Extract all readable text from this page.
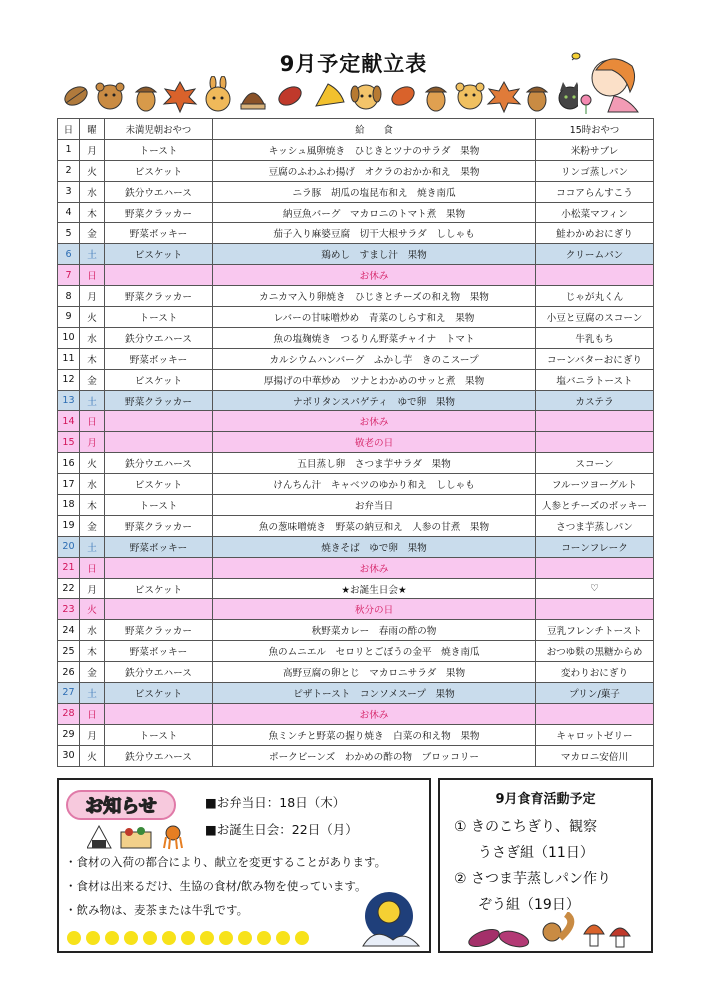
9月予定献立表
日	曜	未満児朝おやつ	給　　食	15時おやつ
1	月	トースト	キッシュ風卵焼き　ひじきとツナのサラダ　果物	米粉サブレ
2	火	ビスケット	豆腐のふわふわ揚げ　オクラのおかか和え　果物	リンゴ蒸しパン
3	水	鉄分ウエハース	ニラ豚　胡瓜の塩昆布和え　焼き南瓜	ココアらんすこう
4	木	野菜クラッカー	納豆魚バーグ　マカロニのトマト煮　果物	小松菜マフィン
5	金	野菜ボッキー	茄子入り麻婆豆腐　切干大根サラダ　ししゃも	鮭わかめおにぎり
6	土	ビスケット	鶏めし　すまし汁　果物	クリームパン
7	日		お休み	
8	月	野菜クラッカー	カニカマ入り卵焼き　ひじきとチーズの和え物　果物	じゃが丸くん
9	火	トースト	レバーの甘味噌炒め　青菜のしらす和え　果物	小豆と豆腐のスコーン
10	水	鉄分ウエハース	魚の塩麹焼き　つるりん野菜チャイナ　トマト	牛乳もち
11	木	野菜ボッキー	カルシウムハンバーグ　ふかし芋　きのこスープ	コーンバターおにぎり
12	金	ビスケット	厚揚げの中華炒め　ツナとわかめのサッと煮　果物	塩バニラトースト
13	土	野菜クラッカー	ナポリタンスパゲティ　ゆで卵　果物	カステラ
14	日		お休み	
15	月		敬老の日	
16	火	鉄分ウエハース	五目蒸し卵　さつま芋サラダ　果物	スコーン
17	水	ビスケット	けんちん汁　キャベツのゆかり和え　ししゃも	フルーツヨーグルト
18	木	トースト	お弁当日	人参とチーズのボッキー
19	金	野菜クラッカー	魚の葱味噌焼き　野菜の納豆和え　人参の甘煮　果物	さつま芋蒸しパン
20	土	野菜ボッキー	焼きそば　ゆで卵　果物	コーンフレーク
21	日		お休み	
22	月	ビスケット	★お誕生日会★	♡
23	火		秋分の日	
24	水	野菜クラッカー	秋野菜カレー　春雨の酢の物	豆乳フレンチトースト
25	木	野菜ボッキー	魚のムニエル　セロリとごぼうの金平　焼き南瓜	おつゆ麩の黒糖からめ
26	金	鉄分ウエハース	高野豆腐の卵とじ　マカロニサラダ　果物	変わりおにぎり
27	土	ビスケット	ピザトースト　コンソメスープ　果物	プリン/菓子
28	日		お休み	
29	月	トースト	魚ミンチと野菜の握り焼き　白菜の和え物　果物	キャロットゼリー
30	火	鉄分ウエハース	ポークビーンズ　わかめの酢の物　ブロッコリー	マカロニ安倍川
お知らせ	■お弁当日：18日（木）
■お誕生日会：22日（月）
・食材の入荷の都合により、献立を変更することがあります。
・食材は出来るだけ、生協の食材/飲み物を使っています。
・飲み物は、麦茶または牛乳です。
9月食育活動予定
① きのこちぎり、観察
うさぎ組（11日）
② さつま芋蒸しパン作り
ぞう組（19日）
